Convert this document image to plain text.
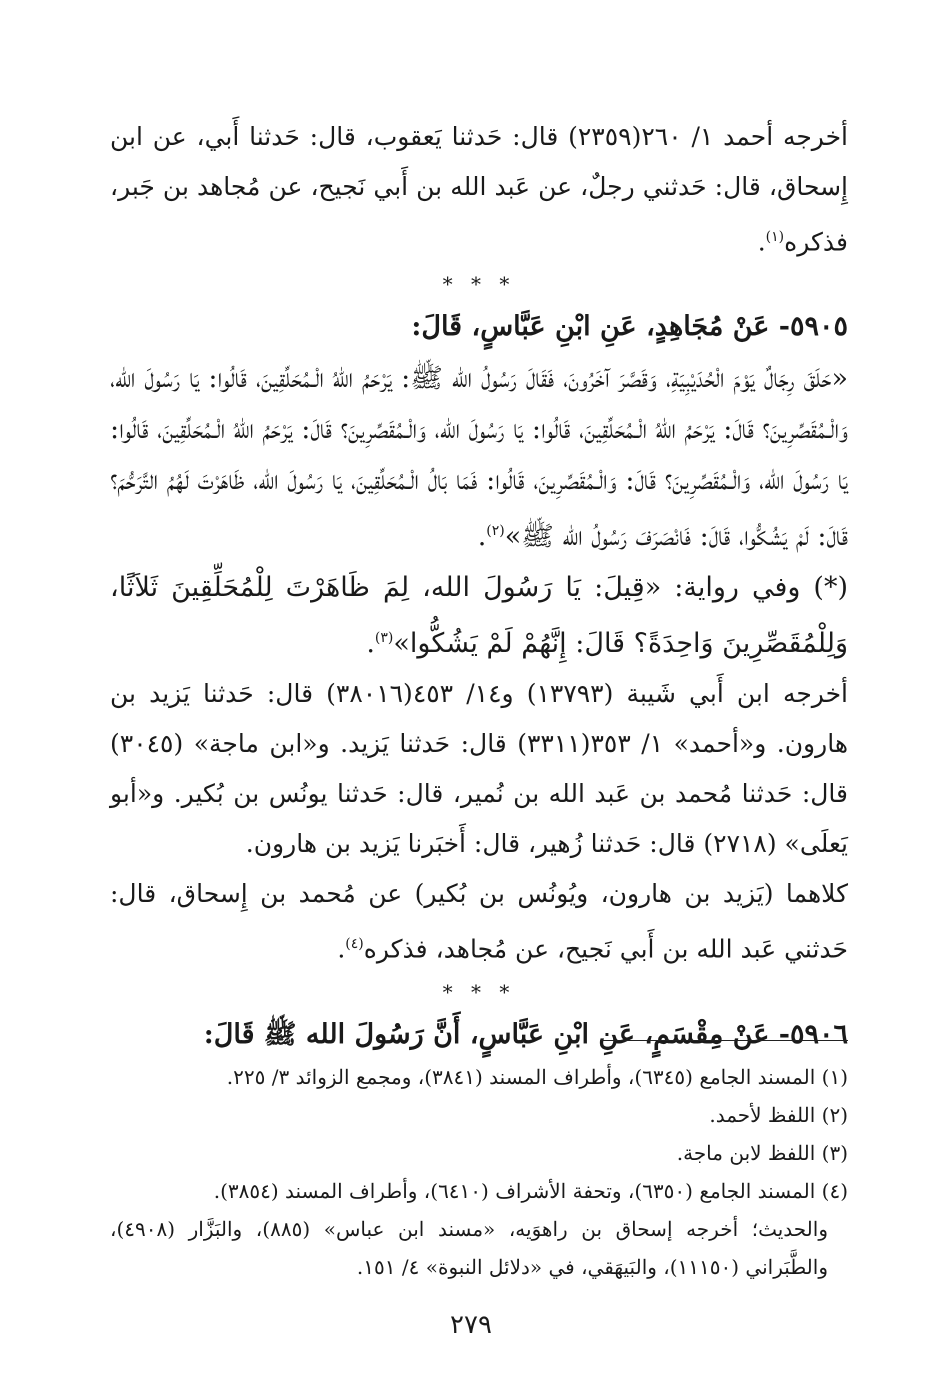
أخرجه أحمد ١/ ٢٦٠(٢٣٥٩) قال: حَدثنا يَعقوب، قال: حَدثنا أَبي، عن ابن إِسحاق، قال: حَدثني رجلٌ، عن عَبد الله بن أَبي نَجيح، عن مُجاهد بن جَبر، فذكره$^{(١)}$.

* * *

٥٩٠٥- عَنْ مُجَاهِدٍ، عَنِ ابْنِ عَبَّاسٍ، قَالَ:

«حَلَقَ رِجَالٌ يَوْمَ الْحُدَيْبِيَةِ، وَقَصَّرَ آخَرُونَ، فَقَالَ رَسُولُ الله ﷺ: يَرْحَمُ اللهُ الْـمُحَلِّقِينَ، قَالُوا: يَا رَسُولَ الله، وَالْـمُقَصِّرِينَ؟ قَالَ: يَرْحَمُ اللهُ الْـمُحَلِّقِينَ، قَالُوا: يَا رَسُولَ الله، وَالْـمُقَصِّرِينَ؟ قَالَ: يَرْحَمُ اللهُ الْـمُحَلِّقِينَ، قَالُوا: يَا رَسُولَ الله، وَالْـمُقَصِّرِينَ؟ قَالَ: وَالْـمُقَصِّرِينَ، قَالُوا: فَمَا بَالُ الْـمُحَلِّقِينَ، يَا رَسُولَ الله، ظَاهَرْتَ لَهُمُ التَّرَحُّمَ؟ قَالَ: لَمْ يَشُكُّوا، قَالَ: فَانْصَرَفَ رَسُولُ الله ﷺ»$^{(٢)}$.

(*) وفي رواية: «قِيلَ: يَا رَسُولَ الله، لِمَ ظَاهَرْتَ لِلْمُحَلِّقِينَ ثَلاَثًا، وَلِلْمُقَصِّرِينَ وَاحِدَةً؟ قَالَ: إِنَّهُمْ لَمْ يَشُكُّوا»$^{(٣)}$.

أخرجه ابن أَبي شَيبة (١٣٧٩٣) و١٤/ ٤٥٣(٣٨٠١٦) قال: حَدثنا يَزيد بن هارون. و«أحمد» ١/ ٣٥٣(٣٣١١) قال: حَدثنا يَزيد. و«ابن ماجة» (٣٠٤٥) قال: حَدثنا مُحمد بن عَبد الله بن نُمير، قال: حَدثنا يونُس بن بُكير. و«أبو يَعلَى» (٢٧١٨) قال: حَدثنا زُهير، قال: أَخبَرنا يَزيد بن هارون.

كلاهما (يَزيد بن هارون، ويُونُس بن بُكير) عن مُحمد بن إِسحاق، قال: حَدثني عَبد الله بن أَبي نَجيح، عن مُجاهد، فذكره$^{(٤)}$.

* * *

٥٩٠٦- عَنْ مِقْسَمٍ، عَنِ ابْنِ عَبَّاسٍ، أَنَّ رَسُولَ الله ﷺ قَالَ:

(١) المسند الجامع (٦٣٤٥)، وأطراف المسند (٣٨٤١)، ومجمع الزوائد ٣/ ٢٢٥.

(٢) اللفظ لأحمد.

(٣) اللفظ لابن ماجة.

(٤) المسند الجامع (٦٣٥٠)، وتحفة الأشراف (٦٤١٠)، وأطراف المسند (٣٨٥٤).

والحديث؛ أخرجه إسحاق بن راهوَيه، «مسند ابن عباس» (٨٨٥)، والبَزَّار (٤٩٠٨)، والطَّبَراني (١١١٥٠)، والبَيهَقي، في «دلائل النبوة» ٤/ ١٥١.

٢٧٩
